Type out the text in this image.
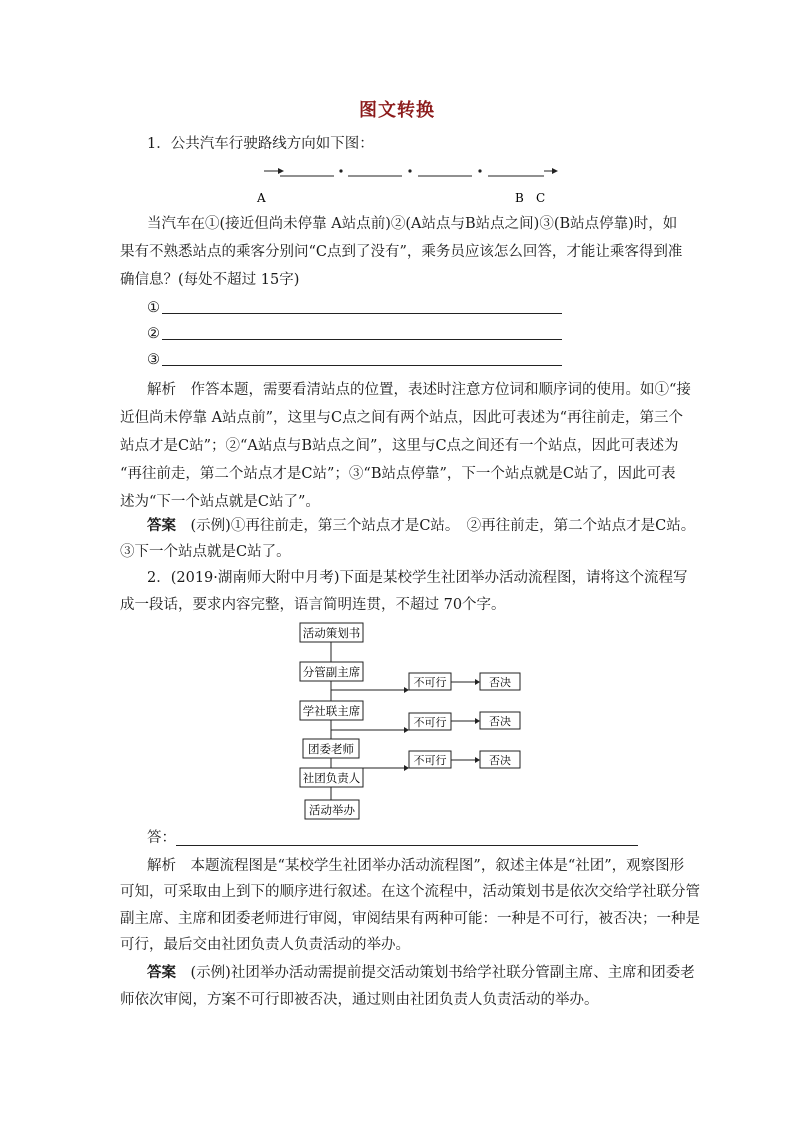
图文转换
1．公共汽车行驶路线方向如下图：
A	B C
当汽车在①(接近但尚未停靠 A站点前)②(A站点与B站点之间)③(B站点停靠)时，如
果有不熟悉站点的乘客分别问“C点到了没有”，乘务员应该怎么回答，才能让乘客得到准
确信息？(每处不超过 15字)
①
②
③
解析　作答本题，需要看清站点的位置，表述时注意方位词和顺序词的使用。如①“接
近但尚未停靠 A站点前”，这里与C点之间有两个站点，因此可表述为“再往前走，第三个
站点才是C站”；②“A站点与B站点之间”，这里与C点之间还有一个站点，因此可表述为
“再往前走，第二个站点才是C站”；③“B站点停靠”，下一个站点就是C站了，因此可表
述为“下一个站点就是C站了”。
答案　 (示例)①再往前走，第三个站点才是C站。　②再往前走，第二个站点才是C站。
③下一个站点就是C站了。
2．(2019·湖南师大附中月考)下面是某校学生社团举办活动流程图，请将这个流程写
成一段话，要求内容完整，语言简明连贯，不超过 70个字。
活动策划书
分管副主席
学社联主席
团委老师
社团负责人
活动举办
不可行	否决
不可行	否决
不可行	否决
答：
解析　本题流程图是“某校学生社团举办活动流程图”，叙述主体是“社团”，观察图形
可知，可采取由上到下的顺序进行叙述。在这个流程中，活动策划书是依次交给学社联分管
副主席、主席和团委老师进行审阅，审阅结果有两种可能：一种是不可行，被否决；一种是
可行，最后交由社团负责人负责活动的举办。
答案　 (示例)社团举办活动需提前提交活动策划书给学社联分管副主席、主席和团委老
师依次审阅，方案不可行即被否决，通过则由社团负责人负责活动的举办。
